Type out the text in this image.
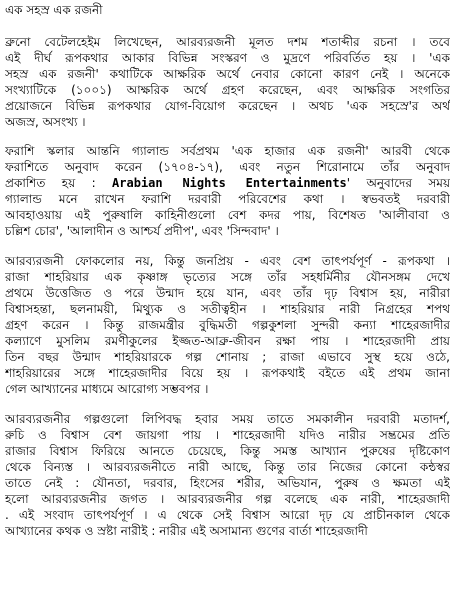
এক সহস্র এক রজনী
ব্রুনো বেটেলহেইম লিখেছেন, আরব্যরজনী মূলত দশম শতাব্দীর রচনা । তবে
এই দীর্ঘ রূপকথার আকার বিভিন্ন সংস্করণ ও মুদ্রণে পরিবর্তিত হয় । 'এক
সহস্র এক রজনী' কথাটিকে আক্ষরিক অর্থে নেবার কোনো কারণ নেই । অনেকে
সংখ্যাটিকে (১০০১) আক্ষরিক অর্থে গ্রহণ করেছেন, এবং আক্ষরিক সংগতির
প্রয়োজনে বিভিন্ন রূপকথার যোগ-বিয়োগ করেছেন । অথচ 'এক সহস্রে'র অর্থ
অজস্র, অসংখ্য ।
ফরাশি স্কলার আন্তনি গ্যালান্ড সর্বপ্রথম 'এক হাজার এক রজনী' আরবী থেকে
ফরাশিতে অনুবাদ করেন (১৭০৪-১৭), এবং নতুন শিরোনামে তাঁর অনুবাদ
প্রকাশিত হয় : Arabian Nights Entertainments' অনুবাদের সময়
গ্যালান্ড মনে রাখেন ফরাশি দরবারী পরিবেশের কথা । স্বভবতই দরবারী
আবহাওয়ায় এই পুরুষালি কাহিনীগুলো বেশ কদর পায়, বিশেষত 'আলীবাবা ও
চল্লিশ চোর', 'আলাদীন ও আশ্চর্য প্রদীপ', এবং 'সিন্দবাদ' ।
আরব্যরজনী ফোকলোর নয়, কিন্তু জনপ্রিয় - এবং বেশ তাৎপর্যপূর্ণ - রূপকথা ।
রাজা শাহরিয়ার এক কৃষ্ণাঙ্গ ভৃত্যের সঙ্গে তাঁর সহধর্মিনীর যৌনসঙ্গম দেখে
প্রথমে উত্তেজিত ও পরে উন্মাদ হয়ে যান, এবং তাঁর দৃঢ় বিশ্বাস হয়, নারীরা
বিশ্বাসহন্তা, ছলনাময়ী, মিথ্যুক ও সতীত্বহীন । শাহরিয়ার নারী নিগ্রহের শপথ
গ্রহণ করেন । কিন্তু রাজমন্ত্রীর বুদ্ধিমতী গল্পকুশলা সুন্দরী কন্যা শাহেরজাদীর
কল্যাণে মুসলিম রমণীকুলের ইজ্জত-আব্রু-জীবন রক্ষা পায় । শাহেরজাদী প্রায়
তিন বছর উন্মাদ শাহরিয়ারকে গল্প শোনায় ; রাজা এভাবে সুস্থ হয়ে ওঠে,
শাহরিয়ারের সঙ্গে শাহেরজাদীর বিয়ে হয় । রূপকথাই বইতে এই প্রথম জানা
গেল আখ্যানের মাধ্যমে আরোগ্য সম্ভবপর ।
আরব্যরজনীর গল্পগুলো লিপিবদ্ধ হবার সময় তাতে সমকালীন দরবারী মতাদর্শ,
রুচি ও বিশ্বাস বেশ জায়গা পায় । শাহেরজাদী যদিও নারীর সম্ভ্রমের প্রতি
রাজার বিশ্বাস ফিরিয়ে আনতে চেয়েছে, কিন্তু সমস্ত আখ্যান পুরুষের দৃষ্টিকোণ
থেকে বিন্যস্ত । আরব্যরজনীতে নারী আছে, কিন্তু তার নিজের কোনো কন্ঠস্বর
তাতে নেই : যৌনতা, দরবার, হিংসের শরীর, অভিযান, পুরুষ ও ক্ষমতা এই
হলো আরব্যরজনীর জগত । আরব্যরজনীর গল্প বলেছে এক নারী, শাহেরজাদী
. এই সংবাদ তাৎপর্যপূর্ণ । এ থেকে সেই বিশ্বাস আরো দৃঢ় যে প্রাচীনকাল থেকে
আখ্যানের কথক ও স্রষ্টা নারীই : নারীর এই অসামান্য গুণের বার্তা শাহেরজাদী
